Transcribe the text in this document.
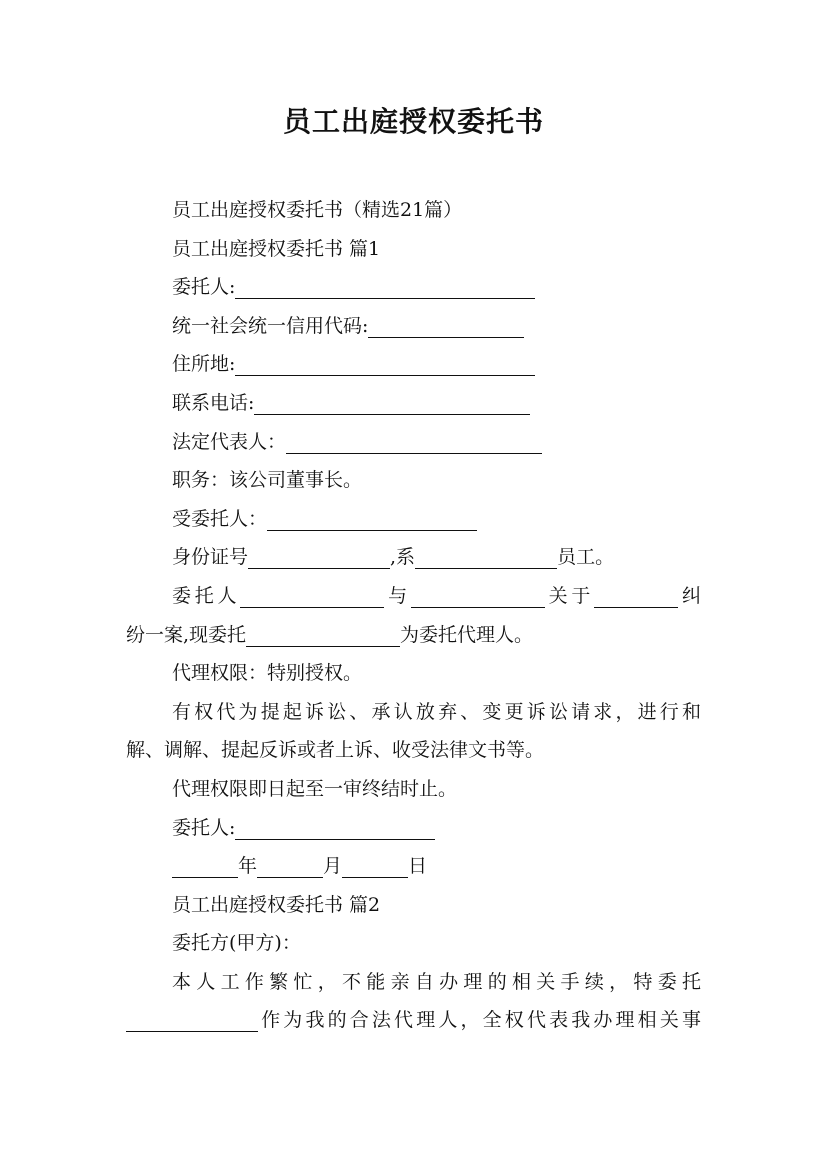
员工出庭授权委托书
员工出庭授权委托书（精选21篇）
员工出庭授权委托书 篇1
委托人:
统一社会统一信用代码:
住所地:
联系电话:
法定代表人：
职务：该公司董事长。
受委托人：
身份证号	,系	员工。
委托人	与	关于	纠
纷一案,现委托	为委托代理人。
代理权限：特别授权。
有权代为提起诉讼、承认放弃、变更诉讼请求，进行和
解、调解、提起反诉或者上诉、收受法律文书等。
代理权限即日起至一审终结时止。
委托人:
年	月	日
员工出庭授权委托书 篇2
委托方(甲方)：
本人工作繁忙，不能亲自办理的相关手续，特委托
作为我的合法代理人，全权代表我办理相关事
